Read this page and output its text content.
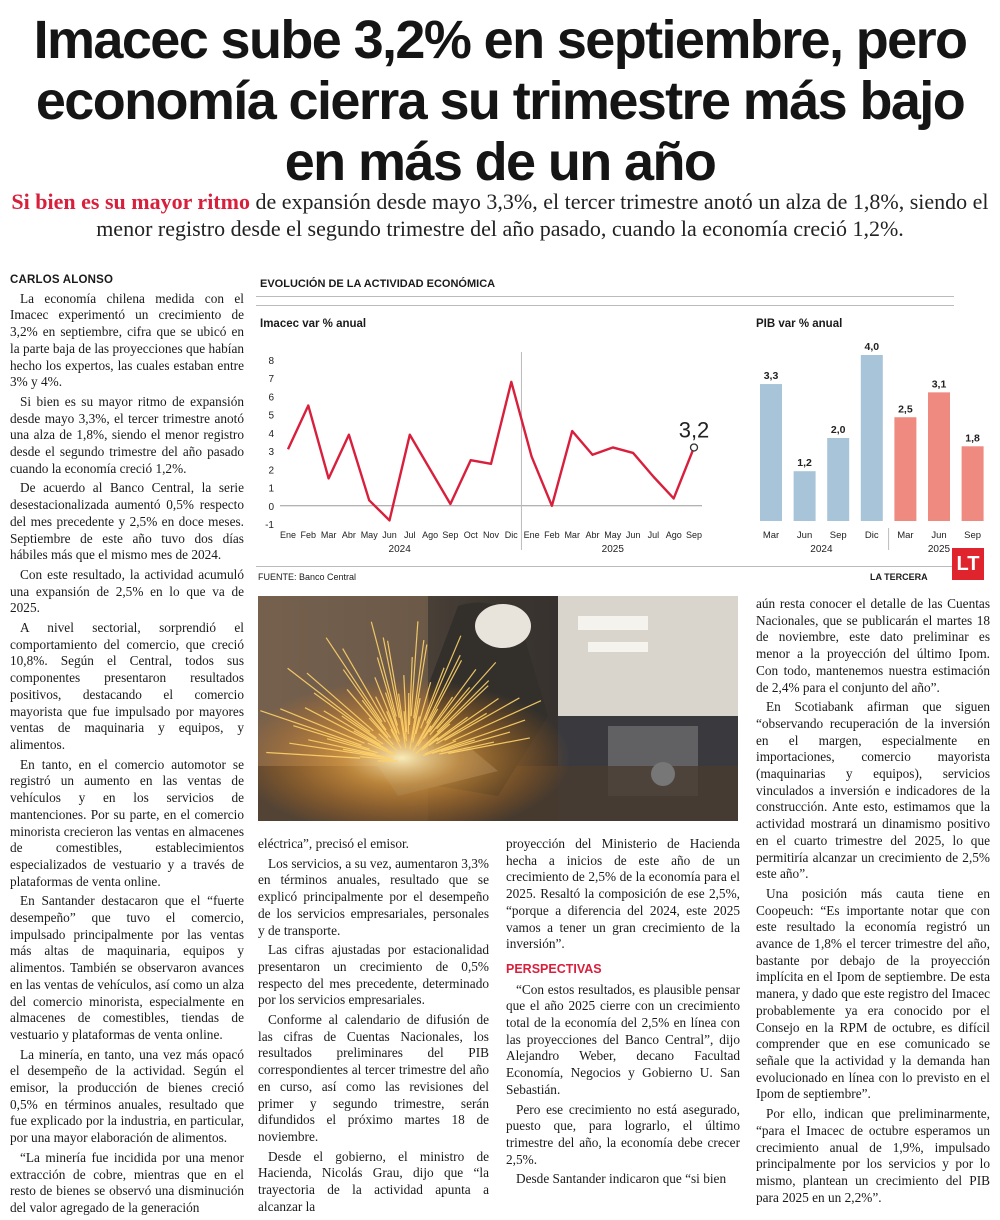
Imacec sube 3,2% en septiembre, pero economía cierra su trimestre más bajo en más de un año
Si bien es su mayor ritmo de expansión desde mayo 3,3%, el tercer trimestre anotó un alza de 1,8%, siendo el menor registro desde el segundo trimestre del año pasado, cuando la economía creció 1,2%.
CARLOS ALONSO

La economía chilena medida con el Imacec experimentó un crecimiento de 3,2% en septiembre, cifra que se ubicó en la parte baja de las proyecciones que habían hecho los expertos, las cuales estaban entre 3% y 4%.

Si bien es su mayor ritmo de expansión desde mayo 3,3%, el tercer trimestre anotó una alza de 1,8%, siendo el menor registro desde el segundo trimestre del año pasado cuando la economía creció 1,2%.

De acuerdo al Banco Central, la serie desestacionalizada aumentó 0,5% respecto del mes precedente y 2,5% en doce meses. Septiembre de este año tuvo dos días hábiles más que el mismo mes de 2024.

Con este resultado, la actividad acumuló una expansión de 2,5% en lo que va de 2025.

A nivel sectorial, sorprendió el comportamiento del comercio, que creció 10,8%. Según el Central, todos sus componentes presentaron resultados positivos, destacando el comercio mayorista que fue impulsado por mayores ventas de maquinaria y equipos, y alimentos.

En tanto, en el comercio automotor se registró un aumento en las ventas de vehículos y en los servicios de mantenciones. Por su parte, en el comercio minorista crecieron las ventas en almacenes de comestibles, establecimientos especializados de vestuario y a través de plataformas de venta online.

En Santander destacaron que el “fuerte desempeño” que tuvo el comercio, impulsado principalmente por las ventas más altas de maquinaria, equipos y alimentos. También se observaron avances en las ventas de vehículos, así como un alza del comercio minorista, especialmente en almacenes de comestibles, tiendas de vestuario y plataformas de venta online.

La minería, en tanto, una vez más opacó el desempeño de la actividad. Según el emisor, la producción de bienes creció 0,5% en términos anuales, resultado que fue explicado por la industria, en particular, por una mayor elaboración de alimentos.

“La minería fue incidida por una menor extracción de cobre, mientras que en el resto de bienes se observó una disminución del valor agregado de la generación

EVOLUCIÓN DE LA ACTIVIDAD ECONÓMICA
Imacec var % anual	PIB var % anual
-1
0
1
2
3
4
5
6
7
8
Ene Feb Mar Abr May Jun Jul Ago Sep Oct Nov Dic Ene Feb Mar Abr May Jun Jul Ago Sep
2024	2025
3,2
3,3
Mar
1,2
Jun
2,0
Sep
4,0
Dic
2,5
Mar
3,1
Jun
1,8
Sep
2024	2025
FUENTE: Banco Central	LA TERCERA
LT

eléctrica”, precisó el emisor.

Los servicios, a su vez, aumentaron 3,3% en términos anuales, resultado que se explicó principalmente por el desempeño de los servicios empresariales, personales y de transporte.

Las cifras ajustadas por estacionalidad presentaron un crecimiento de 0,5% respecto del mes precedente, determinado por los servicios empresariales.

Conforme al calendario de difusión de las cifras de Cuentas Nacionales, los resultados preliminares del PIB correspondientes al tercer trimestre del año en curso, así como las revisiones del primer y segundo trimestre, serán difundidos el próximo martes 18 de noviembre.

Desde el gobierno, el ministro de Hacienda, Nicolás Grau, dijo que “la trayectoria de la actividad apunta a alcanzar la

proyección del Ministerio de Hacienda hecha a inicios de este año de un crecimiento de 2,5% de la economía para el 2025. Resaltó la composición de ese 2,5%, “porque a diferencia del 2024, este 2025 vamos a tener un gran crecimiento de la inversión”.

PERSPECTIVAS

“Con estos resultados, es plausible pensar que el año 2025 cierre con un crecimiento total de la economía del 2,5% en línea con las proyecciones del Banco Central”, dijo Alejandro Weber, decano Facultad Economía, Negocios y Gobierno U. San Sebastián.

Pero ese crecimiento no está asegurado, puesto que, para lograrlo, el último trimestre del año, la economía debe crecer 2,5%.

Desde Santander indicaron que “si bien

aún resta conocer el detalle de las Cuentas Nacionales, que se publicarán el martes 18 de noviembre, este dato preliminar es menor a la proyección del último Ipom. Con todo, mantenemos nuestra estimación de 2,4% para el conjunto del año”.

En Scotiabank afirman que siguen “observando recuperación de la inversión en el margen, especialmente en importaciones, comercio mayorista (maquinarias y equipos), servicios vinculados a inversión e indicadores de la construcción. Ante esto, estimamos que la actividad mostrará un dinamismo positivo en el cuarto trimestre del 2025, lo que permitiría alcanzar un crecimiento de 2,5% este año”.

Una posición más cauta tiene en Coopeuch: “Es importante notar que con este resultado la economía registró un avance de 1,8% el tercer trimestre del año, bastante por debajo de la proyección implícita en el Ipom de septiembre. De esta manera, y dado que este registro del Imacec probablemente ya era conocido por el Consejo en la RPM de octubre, es difícil comprender que en ese comunicado se señale que la actividad y la demanda han evolucionado en línea con lo previsto en el Ipom de septiembre”.

Por ello, indican que preliminarmente, “para el Imacec de octubre esperamos un crecimiento anual de 1,9%, impulsado principalmente por los servicios y por lo mismo, plantean un crecimiento del PIB para 2025 en un 2,2%”.
